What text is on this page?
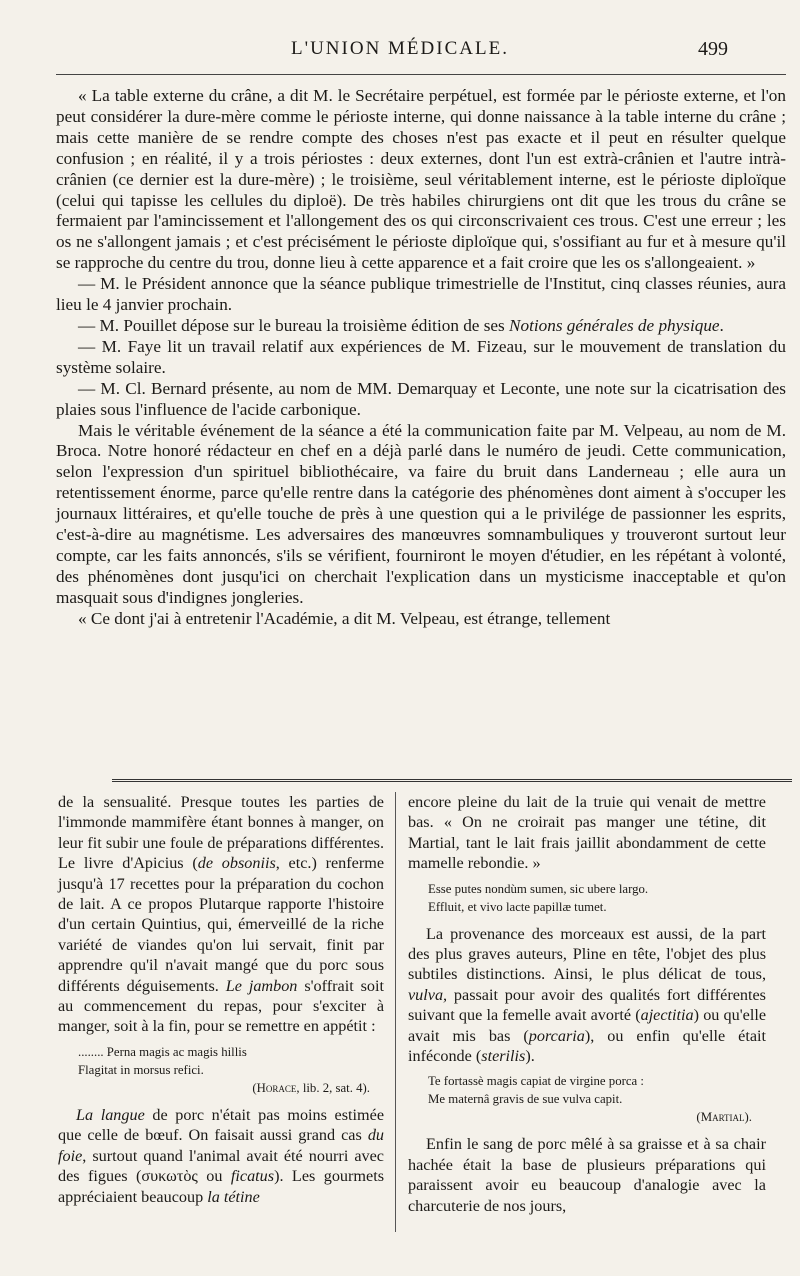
L'UNION MÉDICALE.	499

« La table externe du crâne, a dit M. le Secrétaire perpétuel, est formée par le périoste externe, et l'on peut considérer la dure-mère comme le périoste interne, qui donne naissance à la table interne du crâne ; mais cette manière de se rendre compte des choses n'est pas exacte et il peut en résulter quelque confusion ; en réalité, il y a trois périostes : deux externes, dont l'un est extrà-crânien et l'autre intrà-crânien (ce dernier est la dure-mère) ; le troisième, seul véritablement interne, est le périoste diploïque (celui qui tapisse les cellules du diploë). De très habiles chirurgiens ont dit que les trous du crâne se fermaient par l'amincissement et l'allongement des os qui circonscrivaient ces trous. C'est une erreur ; les os ne s'allongent jamais ; et c'est précisément le périoste diploïque qui, s'ossifiant au fur et à mesure qu'il se rapproche du centre du trou, donne lieu à cette apparence et a fait croire que les os s'allongeaient. »

— M. le Président annonce que la séance publique trimestrielle de l'Institut, cinq classes réunies, aura lieu le 4 janvier prochain.

— M. Pouillet dépose sur le bureau la troisième édition de ses Notions générales de physique.

— M. Faye lit un travail relatif aux expériences de M. Fizeau, sur le mouvement de translation du système solaire.

— M. Cl. Bernard présente, au nom de MM. Demarquay et Leconte, une note sur la cicatrisation des plaies sous l'influence de l'acide carbonique.

Mais le véritable événement de la séance a été la communication faite par M. Velpeau, au nom de M. Broca. Notre honoré rédacteur en chef en a déjà parlé dans le numéro de jeudi. Cette communication, selon l'expression d'un spirituel bibliothécaire, va faire du bruit dans Landerneau ; elle aura un retentissement énorme, parce qu'elle rentre dans la catégorie des phénomènes dont aiment à s'occuper les journaux littéraires, et qu'elle touche de près à une question qui a le privilége de passionner les esprits, c'est-à-dire au magnétisme. Les adversaires des manœuvres somnambuliques y trouveront surtout leur compte, car les faits annoncés, s'ils se vérifient, fourniront le moyen d'étudier, en les répétant à volonté, des phénomènes dont jusqu'ici on cherchait l'explication dans un mysticisme inacceptable et qu'on masquait sous d'indignes jongleries.

« Ce dont j'ai à entretenir l'Académie, a dit M. Velpeau, est étrange, tellement

de la sensualité. Presque toutes les parties de l'immonde mammifère étant bonnes à manger, on leur fit subir une foule de préparations différentes. Le livre d'Apicius (de obsoniis, etc.) renferme jusqu'à 17 recettes pour la préparation du cochon de lait. A ce propos Plutarque rapporte l'histoire d'un certain Quintius, qui, émerveillé de la riche variété de viandes qu'on lui servait, finit par apprendre qu'il n'avait mangé que du porc sous différents déguisements. Le jambon s'offrait soit au commencement du repas, pour s'exciter à manger, soit à la fin, pour se remettre en appétit :

........ Perna magis ac magis hillis
Flagitat in morsus refici.
(Horace, lib. 2, sat. 4).

La langue de porc n'était pas moins estimée que celle de bœuf. On faisait aussi grand cas du foie, surtout quand l'animal avait été nourri avec des figues (συκωτὸς ou ficatus). Les gourmets appréciaient beaucoup la tétine

encore pleine du lait de la truie qui venait de mettre bas. « On ne croirait pas manger une tétine, dit Martial, tant le lait frais jaillit abondamment de cette mamelle rebondie. »

Esse putes nondùm sumen, sic ubere largo.
Effluit, et vivo lacte papillæ tumet.

La provenance des morceaux est aussi, de la part des plus graves auteurs, Pline en tête, l'objet des plus subtiles distinctions. Ainsi, le plus délicat de tous, vulva, passait pour avoir des qualités fort différentes suivant que la femelle avait avorté (ajectitia) ou qu'elle avait mis bas (porcaria), ou enfin qu'elle était inféconde (sterilis).

Te fortassè magis capiat de virgine porca :
Me maternâ gravis de sue vulva capit.
(Martial).

Enfin le sang de porc mêlé à sa graisse et à sa chair hachée était la base de plusieurs préparations qui paraissent avoir eu beaucoup d'analogie avec la charcuterie de nos jours,
